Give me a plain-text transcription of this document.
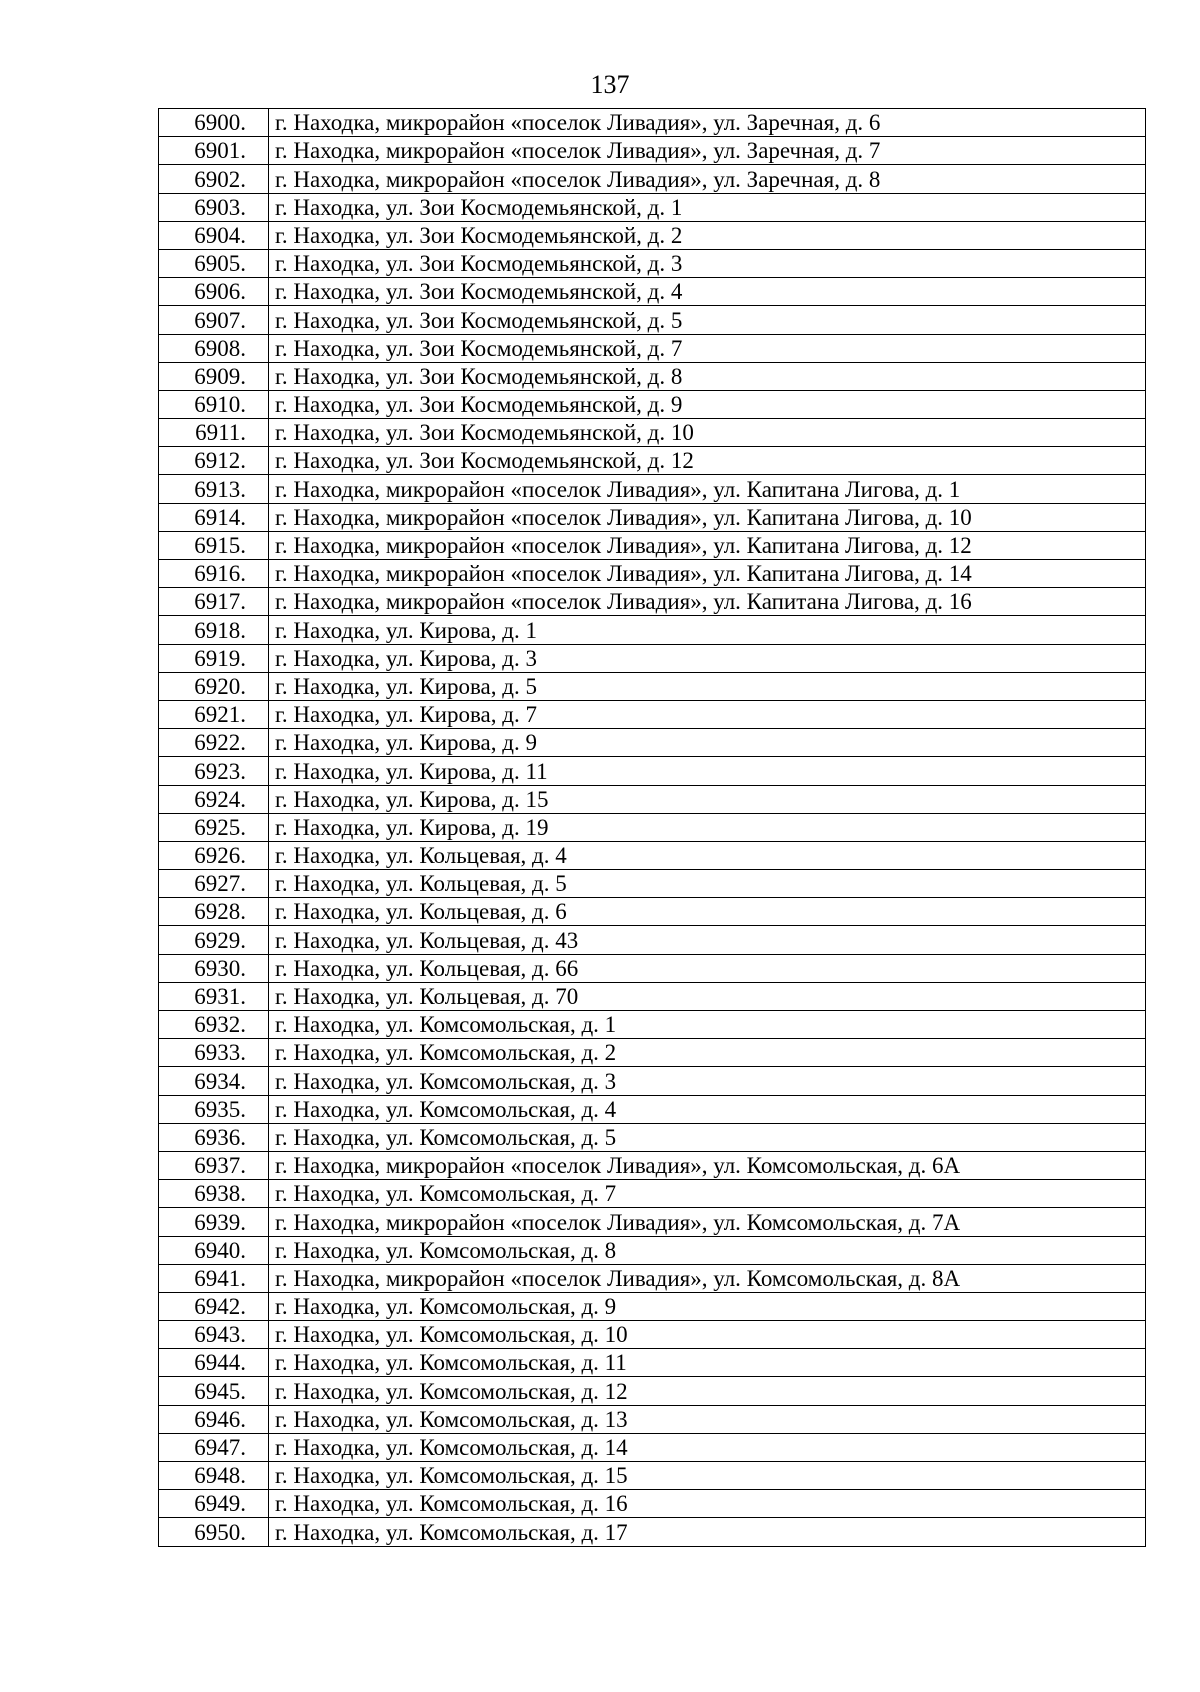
137
6900.	г. Находка, микрорайон «поселок Ливадия», ул. Заречная, д. 6
6901.	г. Находка, микрорайон «поселок Ливадия», ул. Заречная, д. 7
6902.	г. Находка, микрорайон «поселок Ливадия», ул. Заречная, д. 8
6903.	г. Находка, ул. Зои Космодемьянской, д. 1
6904.	г. Находка, ул. Зои Космодемьянской, д. 2
6905.	г. Находка, ул. Зои Космодемьянской, д. 3
6906.	г. Находка, ул. Зои Космодемьянской, д. 4
6907.	г. Находка, ул. Зои Космодемьянской, д. 5
6908.	г. Находка, ул. Зои Космодемьянской, д. 7
6909.	г. Находка, ул. Зои Космодемьянской, д. 8
6910.	г. Находка, ул. Зои Космодемьянской, д. 9
6911.	г. Находка, ул. Зои Космодемьянской, д. 10
6912.	г. Находка, ул. Зои Космодемьянской, д. 12
6913.	г. Находка, микрорайон «поселок Ливадия», ул. Капитана Лигова, д. 1
6914.	г. Находка, микрорайон «поселок Ливадия», ул. Капитана Лигова, д. 10
6915.	г. Находка, микрорайон «поселок Ливадия», ул. Капитана Лигова, д. 12
6916.	г. Находка, микрорайон «поселок Ливадия», ул. Капитана Лигова, д. 14
6917.	г. Находка, микрорайон «поселок Ливадия», ул. Капитана Лигова, д. 16
6918.	г. Находка, ул. Кирова, д. 1
6919.	г. Находка, ул. Кирова, д. 3
6920.	г. Находка, ул. Кирова, д. 5
6921.	г. Находка, ул. Кирова, д. 7
6922.	г. Находка, ул. Кирова, д. 9
6923.	г. Находка, ул. Кирова, д. 11
6924.	г. Находка, ул. Кирова, д. 15
6925.	г. Находка, ул. Кирова, д. 19
6926.	г. Находка, ул. Кольцевая, д. 4
6927.	г. Находка, ул. Кольцевая, д. 5
6928.	г. Находка, ул. Кольцевая, д. 6
6929.	г. Находка, ул. Кольцевая, д. 43
6930.	г. Находка, ул. Кольцевая, д. 66
6931.	г. Находка, ул. Кольцевая, д. 70
6932.	г. Находка, ул. Комсомольская, д. 1
6933.	г. Находка, ул. Комсомольская, д. 2
6934.	г. Находка, ул. Комсомольская, д. 3
6935.	г. Находка, ул. Комсомольская, д. 4
6936.	г. Находка, ул. Комсомольская, д. 5
6937.	г. Находка, микрорайон «поселок Ливадия», ул. Комсомольская, д. 6А
6938.	г. Находка, ул. Комсомольская, д. 7
6939.	г. Находка, микрорайон «поселок Ливадия», ул. Комсомольская, д. 7А
6940.	г. Находка, ул. Комсомольская, д. 8
6941.	г. Находка, микрорайон «поселок Ливадия», ул. Комсомольская, д. 8А
6942.	г. Находка, ул. Комсомольская, д. 9
6943.	г. Находка, ул. Комсомольская, д. 10
6944.	г. Находка, ул. Комсомольская, д. 11
6945.	г. Находка, ул. Комсомольская, д. 12
6946.	г. Находка, ул. Комсомольская, д. 13
6947.	г. Находка, ул. Комсомольская, д. 14
6948.	г. Находка, ул. Комсомольская, д. 15
6949.	г. Находка, ул. Комсомольская, д. 16
6950.	г. Находка, ул. Комсомольская, д. 17
